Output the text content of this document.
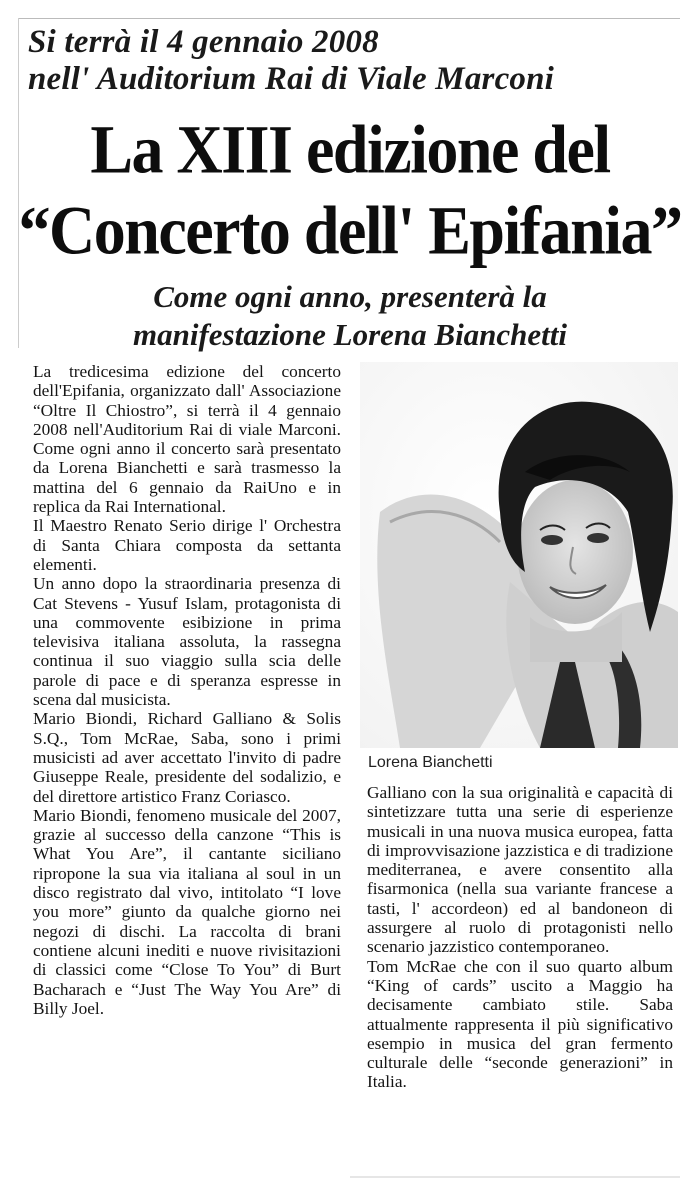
Si terrà il 4 gennaio 2008
nell' Auditorium Rai di Viale Marconi
La XIII edizione del
“Concerto dell' Epifania”
Come ogni anno, presenterà la
manifestazione Lorena Bianchetti

La tredicesima edizione del concerto dell'Epifania, organizzato dall' Associazione “Oltre Il Chiostro”, si terrà il 4 gennaio 2008 nell'Auditorium Rai di viale Marconi. Come ogni anno il concerto sarà presentato da Lorena Bianchetti e sarà trasmesso la mattina del 6 gennaio da RaiUno e in replica da Rai International.

Il Maestro Renato Serio dirige l' Orchestra di Santa Chiara composta da settanta elementi.

Un anno dopo la straordinaria presenza di Cat Stevens - Yusuf Islam, protagonista di una commovente esibizione in prima televisiva italiana assoluta, la rassegna continua il suo viaggio sulla scia delle parole di pace e di speranza espresse in scena dal musicista.

Mario Biondi, Richard Galliano & Solis S.Q., Tom McRae, Saba, sono i primi musicisti ad aver accettato l'invito di padre Giuseppe Reale, presidente del sodalizio, e del direttore artistico Franz Coriasco.

Mario Biondi, fenomeno musicale del 2007, grazie al successo della canzone “This is What You Are”, il cantante siciliano ripropone la sua via italiana al soul in un disco registrato dal vivo, intitolato “I love you more” giunto da qualche giorno nei negozi di dischi. La raccolta di brani contiene alcuni inediti e nuove rivisitazioni di classici come “Close To You” di Burt Bacharach e “Just The Way You Are” di Billy Joel.

Lorena Bianchetti

Galliano con la sua originalità e capacità di sintetizzare tutta una serie di esperienze musicali in una nuova musica europea, fatta di improvvisazione jazzistica e di tradizione mediterranea, e avere consentito alla fisarmonica (nella sua variante francese a tasti, l' accordeon) ed al bandoneon di assurgere al ruolo di protagonisti nello scenario jazzistico contemporaneo.

Tom McRae che con il suo quarto album “King of cards” uscito a Maggio ha decisamente cambiato stile. Saba attualmente rappresenta il più significativo esempio in musica del gran fermento culturale delle “seconde generazioni” in Italia.
